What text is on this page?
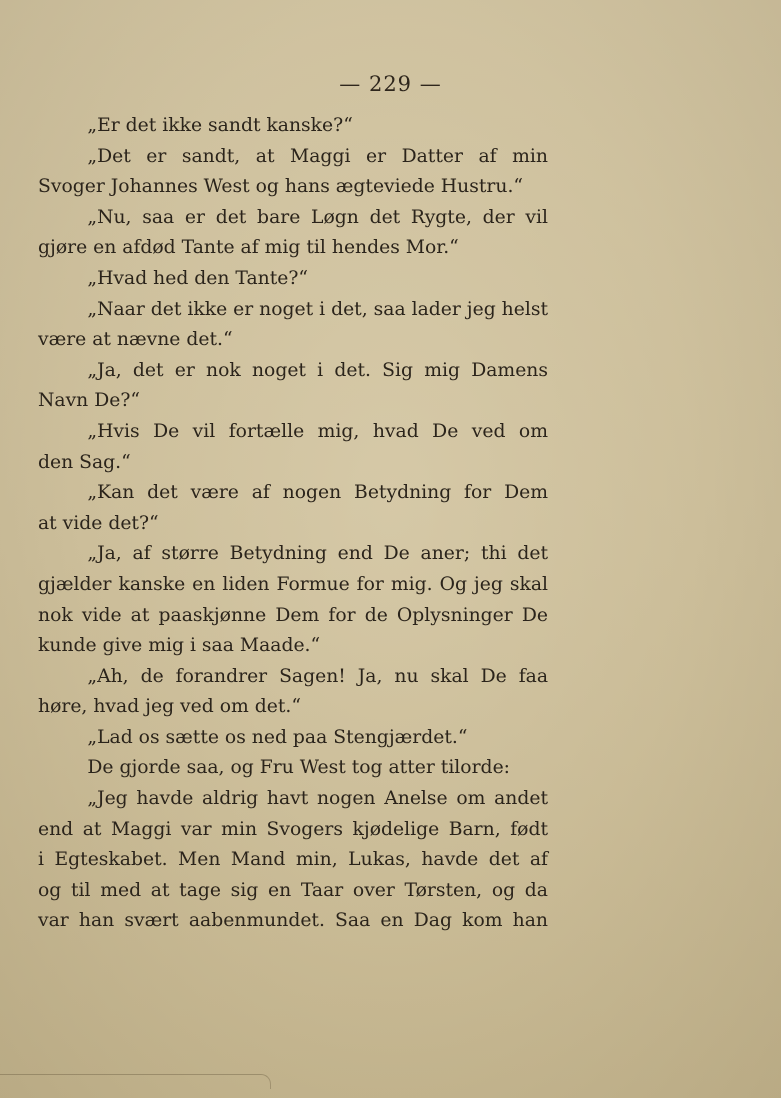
— 229 —
„Er det ikke sandt kanske?“
„Det er sandt, at Maggi er Datter af min
Svoger Johannes West og hans ægteviede Hustru.“
„Nu, saa er det bare Løgn det Rygte, der vil
gjøre en afdød Tante af mig til hendes Mor.“
„Hvad hed den Tante?“
„Naar det ikke er noget i det, saa lader jeg helst
være at nævne det.“
„Ja, det er nok noget i det. Sig mig Damens
Navn De?“
„Hvis De vil fortælle mig, hvad De ved om
den Sag.“
„Kan det være af nogen Betydning for Dem
at vide det?“
„Ja, af større Betydning end De aner; thi det
gjælder kanske en liden Formue for mig. Og jeg skal
nok vide at paaskjønne Dem for de Oplysninger De
kunde give mig i saa Maade.“
„Ah, de forandrer Sagen! Ja, nu skal De faa
høre, hvad jeg ved om det.“
„Lad os sætte os ned paa Stengjærdet.“
De gjorde saa, og Fru West tog atter tilorde:
„Jeg havde aldrig havt nogen Anelse om andet
end at Maggi var min Svogers kjødelige Barn, født
i Egteskabet. Men Mand min, Lukas, havde det af
og til med at tage sig en Taar over Tørsten, og da
var han svært aabenmundet. Saa en Dag kom han
